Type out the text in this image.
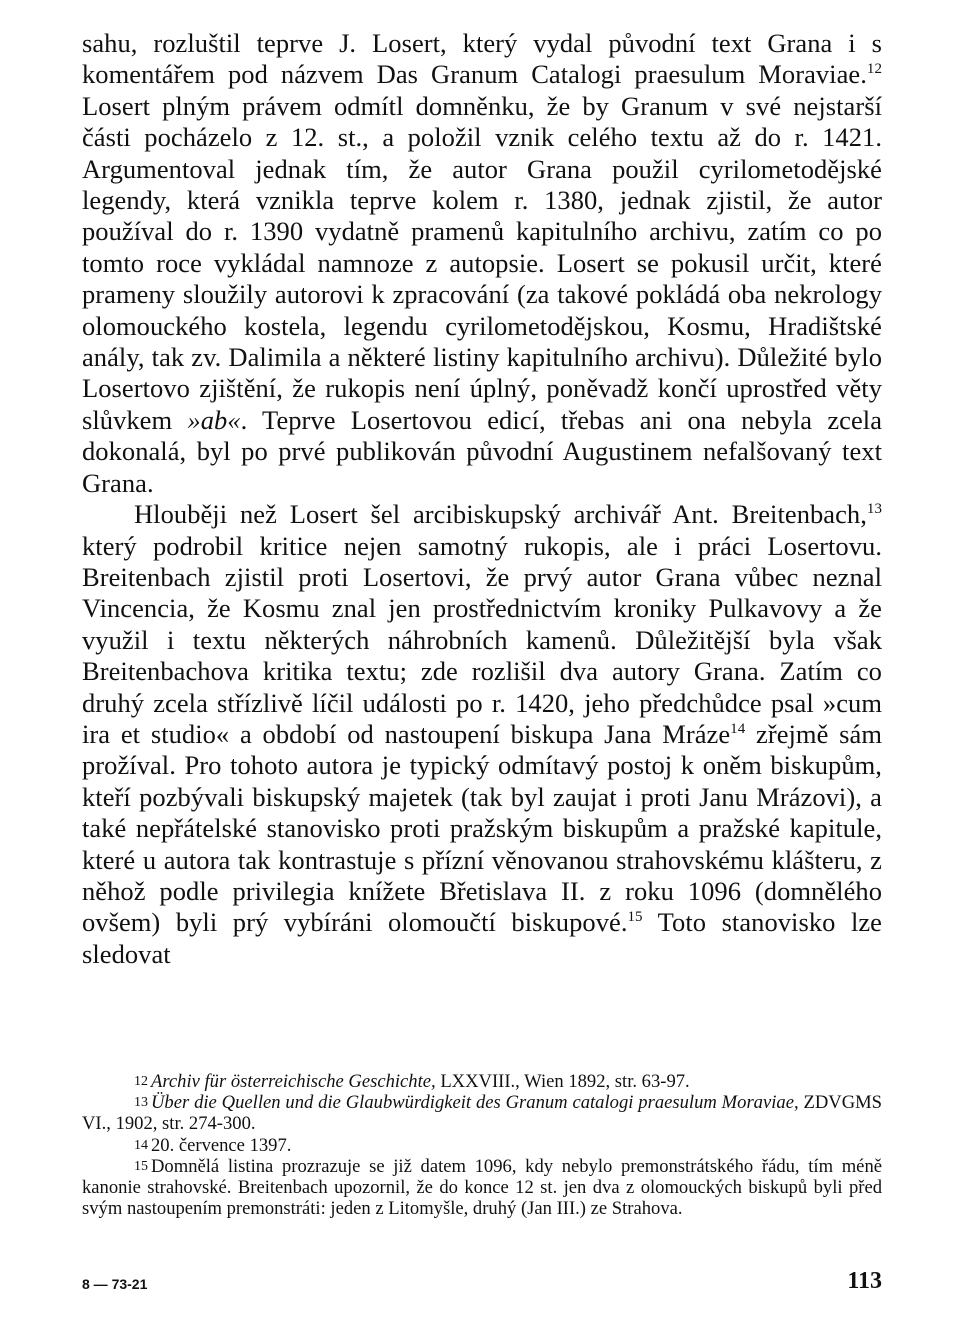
sahu, rozluštil teprve J. Losert, který vydal původní text Grana i s komentářem pod názvem Das Granum Catalogi praesulum Moraviae.$^{12}$ Losert plným právem odmítl domněnku, že by Granum v své nejstarší části pocházelo z 12. st., a položil vznik celého textu až do r. 1421. Argumentoval jednak tím, že autor Grana použil cyrilometodějské legendy, která vznikla teprve kolem r. 1380, jednak zjistil, že autor používal do r. 1390 vydatně pramenů kapitulního archivu, zatím co po tomto roce vykládal namnoze z autopsie. Losert se pokusil určit, které prameny sloužily autorovi k zpracování (za takové pokládá oba nekrology olomouckého kostela, legendu cyrilometodějskou, Kosmu, Hradištské anály, tak zv. Dalimila a některé listiny kapitulního archivu). Důležité bylo Losertovo zjištění, že rukopis není úplný, poněvadž končí uprostřed věty slůvkem »ab«. Teprve Losertovou edicí, třebas ani ona nebyla zcela dokonalá, byl po prvé publikován původní Augustinem nefalšovaný text Grana.

Hlouběji než Losert šel arcibiskupský archivář Ant. Breitenbach,$^{13}$ který podrobil kritice nejen samotný rukopis, ale i práci Losertovu. Breitenbach zjistil proti Losertovi, že prvý autor Grana vůbec neznal Vincencia, že Kosmu znal jen prostřednictvím kroniky Pulkavovy a že využil i textu některých náhrobních kamenů. Důležitější byla však Breitenbachova kritika textu; zde rozlišil dva autory Grana. Zatím co druhý zcela střízlivě líčil události po r. 1420, jeho předchůdce psal »cum ira et studio« a období od nastoupení biskupa Jana Mráze$^{14}$ zřejmě sám prožíval. Pro tohoto autora je typický odmítavý postoj k oněm biskupům, kteří pozbývali biskupský majetek (tak byl zaujat i proti Janu Mrázovi), a také nepřátelské stanovisko proti pražským biskupům a pražské kapitule, které u autora tak kontrastuje s přízní věnovanou strahovskému klášteru, z něhož podle privilegia knížete Břetislava II. z roku 1096 (domnělého ovšem) byli prý vybíráni olomoučtí biskupové.$^{15}$ Toto stanovisko lze sledovat

12 Archiv für österreichische Geschichte, LXXVIII., Wien 1892, str. 63-97.

13 Über die Quellen und die Glaubwürdigkeit des Granum catalogi praesulum Moraviae, ZDVGMS VI., 1902, str. 274-300.

14 20. července 1397.

15 Domnělá listina prozrazuje se již datem 1096, kdy nebylo premonstrátského řádu, tím méně kanonie strahovské. Breitenbach upozornil, že do konce 12 st. jen dva z olomouckých biskupů byli před svým nastoupením premonstráti: jeden z Litomyšle, druhý (Jan III.) ze Strahova.

8 — 73-21	113
